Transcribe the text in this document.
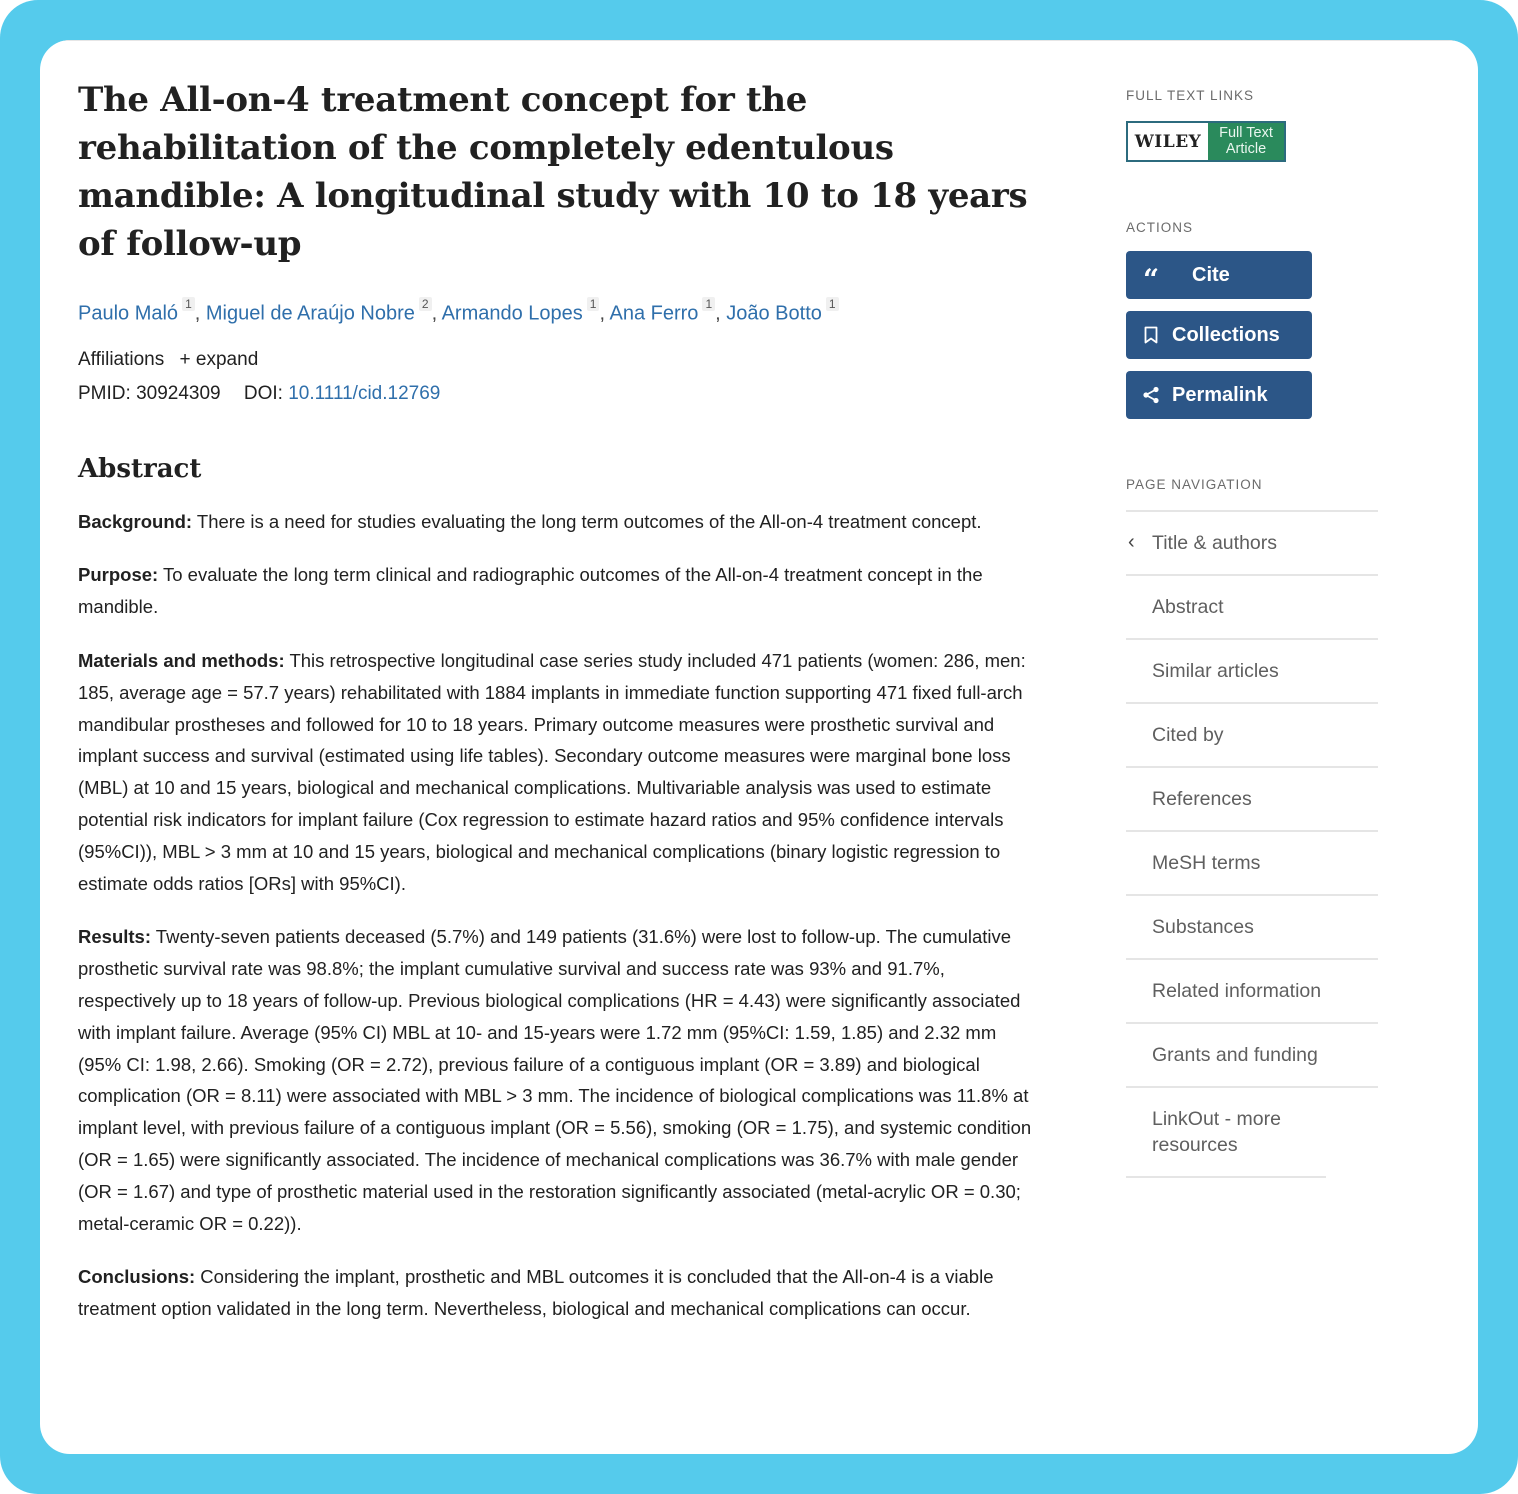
The All-on-4 treatment concept for the rehabilitation of the completely edentulous mandible: A longitudinal study with 10 to 18 years of follow-up
Paulo Maló $^1$ , Miguel de Araújo Nobre $^2$ , Armando Lopes $^1$ , Ana Ferro $^1$ , João Botto $^1$
Affiliations + expand
PMID: 30924309 DOI: 10.1111/cid.12769
Abstract

Background: There is a need for studies evaluating the long term outcomes of the All-on-4 treatment concept.

Purpose: To evaluate the long term clinical and radiographic outcomes of the All-on-4 treatment concept in the mandible.

Materials and methods: This retrospective longitudinal case series study included 471 patients (women: 286, men: 185, average age = 57.7 years) rehabilitated with 1884 implants in immediate function supporting 471 fixed full-arch mandibular prostheses and followed for 10 to 18 years. Primary outcome measures were prosthetic survival and implant success and survival (estimated using life tables). Secondary outcome measures were marginal bone loss (MBL) at 10 and 15 years, biological and mechanical complications. Multivariable analysis was used to estimate potential risk indicators for implant failure (Cox regression to estimate hazard ratios and 95% confidence intervals (95%CI)), MBL > 3 mm at 10 and 15 years, biological and mechanical complications (binary logistic regression to estimate odds ratios [ORs] with 95%CI).

Results: Twenty-seven patients deceased (5.7%) and 149 patients (31.6%) were lost to follow-up. The cumulative prosthetic survival rate was 98.8%; the implant cumulative survival and success rate was 93% and 91.7%, respectively up to 18 years of follow-up. Previous biological complications (HR = 4.43) were significantly associated with implant failure. Average (95% CI) MBL at 10- and 15-years were 1.72 mm (95%CI: 1.59, 1.85) and 2.32 mm (95% CI: 1.98, 2.66). Smoking (OR = 2.72), previous failure of a contiguous implant (OR = 3.89) and biological complication (OR = 8.11) were associated with MBL > 3 mm. The incidence of biological complications was 11.8% at implant level, with previous failure of a contiguous implant (OR = 5.56), smoking (OR = 1.75), and systemic condition (OR = 1.65) were significantly associated. The incidence of mechanical complications was 36.7% with male gender (OR = 1.67) and type of prosthetic material used in the restoration significantly associated (metal-acrylic OR = 0.30; metal-ceramic OR = 0.22)).

Conclusions: Considering the implant, prosthetic and MBL outcomes it is concluded that the All-on-4 is a viable treatment option validated in the long term. Nevertheless, biological and mechanical complications can occur.

FULL TEXT LINKS
WILEY	Full Text
Article
ACTIONS
“ Cite
Collections
Permalink
PAGE NAVIGATION
‹ Title & authors
Abstract
Similar articles
Cited by
References
MeSH terms
Substances
Related information
Grants and funding
LinkOut - more resources
